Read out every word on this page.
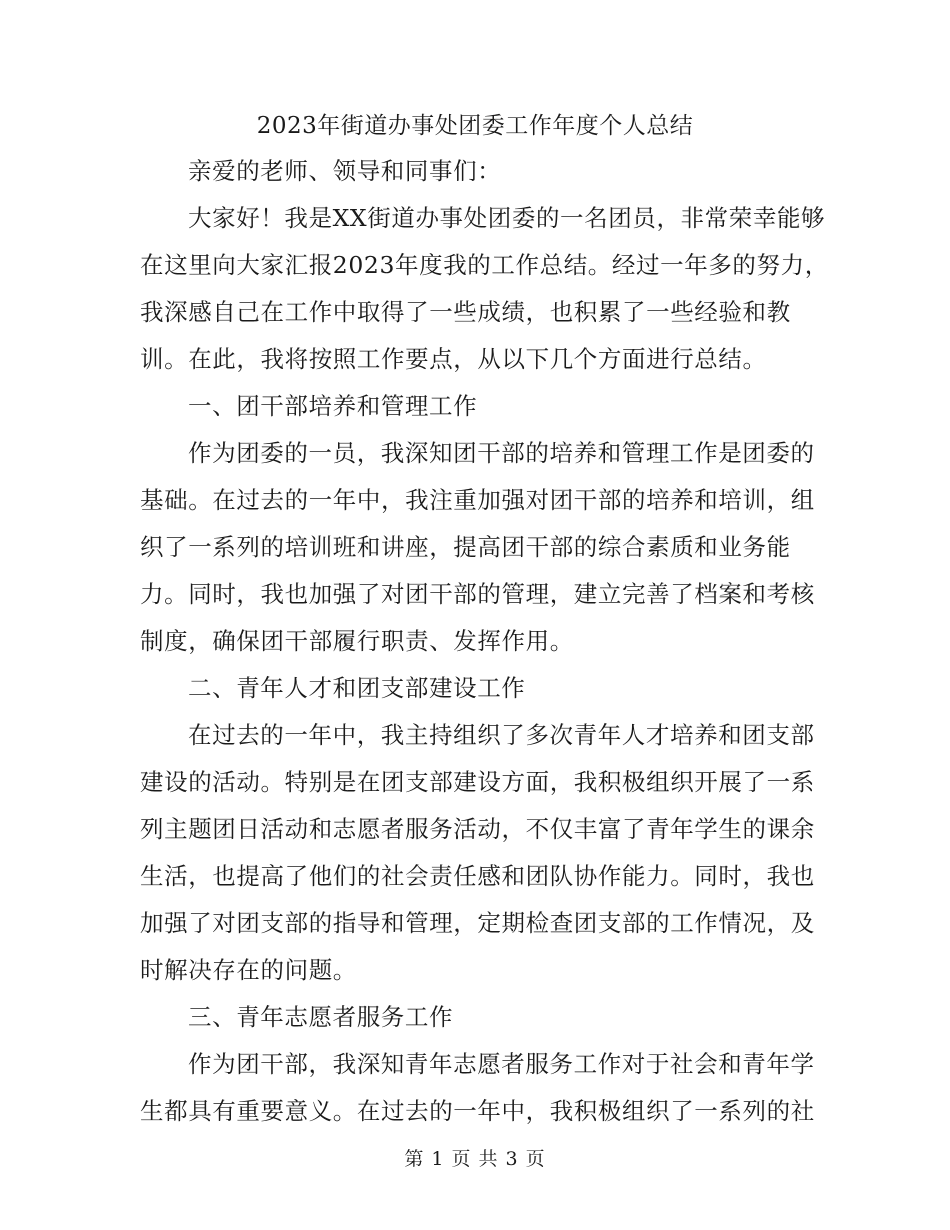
2023年街道办事处团委工作年度个人总结
亲爱的老师、领导和同事们：
大家好！我是XX街道办事处团委的一名团员，非常荣幸能够
在这里向大家汇报2023年度我的工作总结。经过一年多的努力，
我深感自己在工作中取得了一些成绩，也积累了一些经验和教
训。在此，我将按照工作要点，从以下几个方面进行总结。
一、团干部培养和管理工作
作为团委的一员，我深知团干部的培养和管理工作是团委的
基础。在过去的一年中，我注重加强对团干部的培养和培训，组
织了一系列的培训班和讲座，提高团干部的综合素质和业务能
力。同时，我也加强了对团干部的管理，建立完善了档案和考核
制度，确保团干部履行职责、发挥作用。
二、青年人才和团支部建设工作
在过去的一年中，我主持组织了多次青年人才培养和团支部
建设的活动。特别是在团支部建设方面，我积极组织开展了一系
列主题团日活动和志愿者服务活动，不仅丰富了青年学生的课余
生活，也提高了他们的社会责任感和团队协作能力。同时，我也
加强了对团支部的指导和管理，定期检查团支部的工作情况，及
时解决存在的问题。
三、青年志愿者服务工作
作为团干部，我深知青年志愿者服务工作对于社会和青年学
生都具有重要意义。在过去的一年中，我积极组织了一系列的社
第 1 页 共 3 页
